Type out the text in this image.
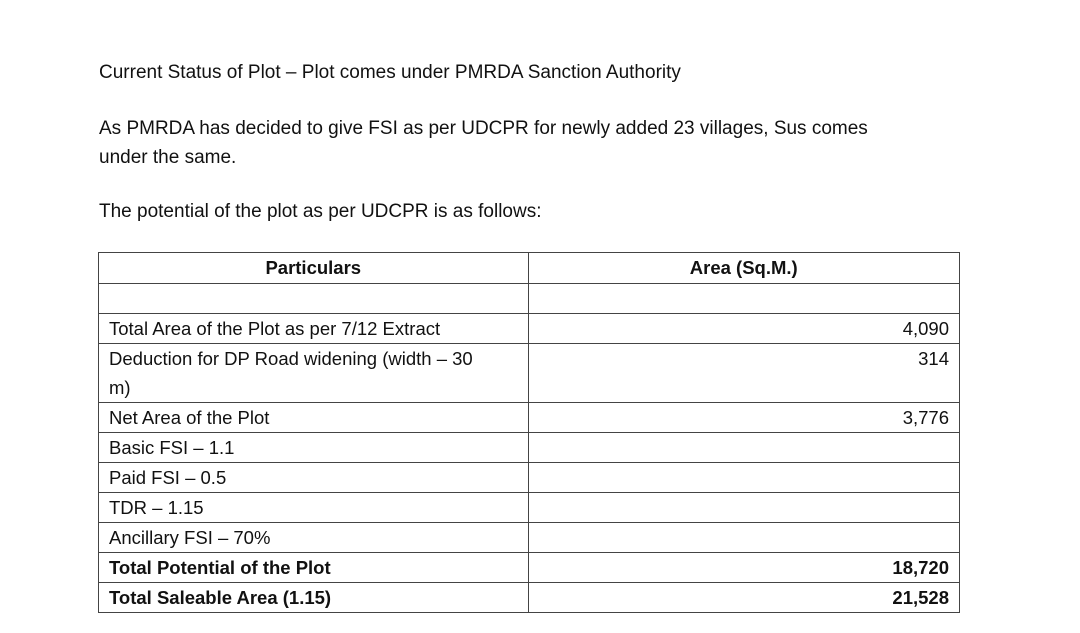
Current Status of Plot – Plot comes under PMRDA Sanction Authority

As PMRDA has decided to give FSI as per UDCPR for newly added 23 villages, Sus comes
under the same.

The potential of the plot as per UDCPR is as follows:

Particulars	Area (Sq.M.)

Total Area of the Plot as per 7/12 Extract	4,090
Deduction for DP Road widening (width – 30
m)	314
Net Area of the Plot	3,776
Basic FSI – 1.1	
Paid FSI – 0.5	
TDR – 1.15	
Ancillary FSI – 70%	
Total Potential of the Plot	18,720
Total Saleable Area (1.15)	21,528
